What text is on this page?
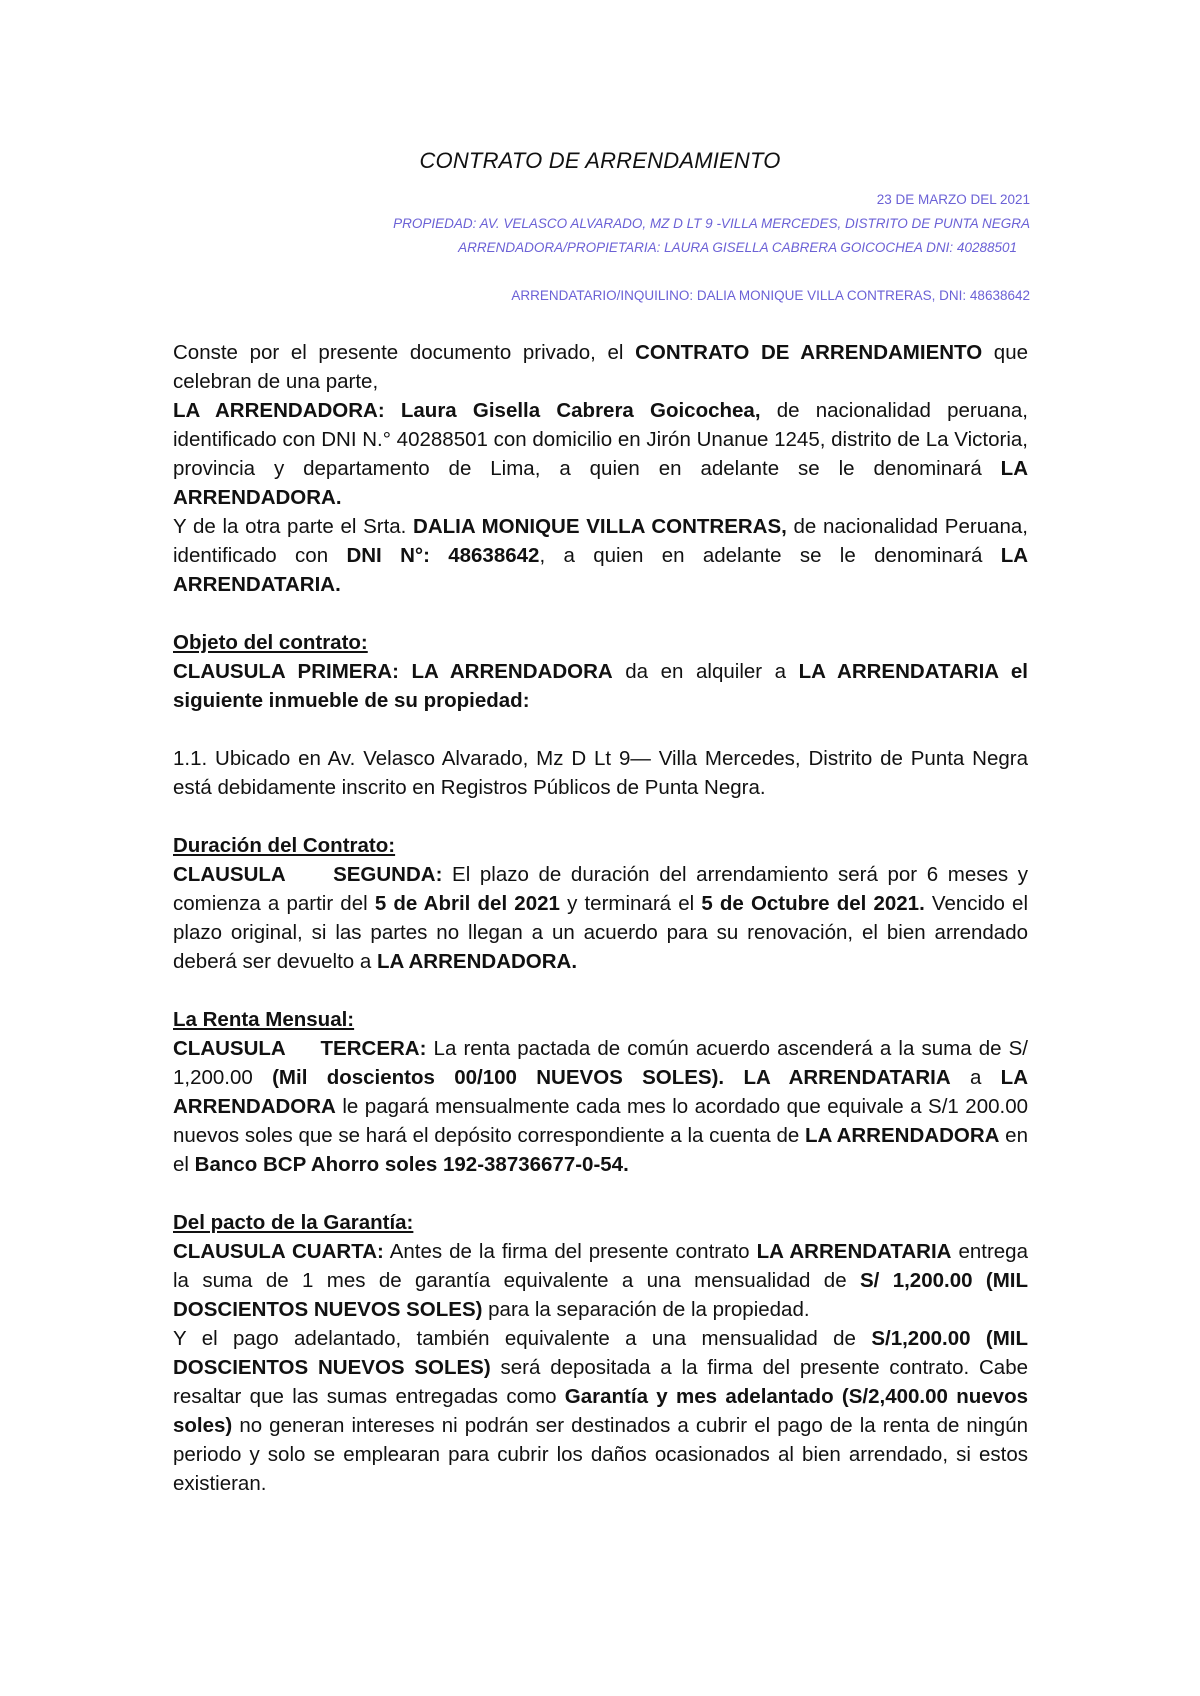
CONTRATO DE ARRENDAMIENTO
23 DE MARZO DEL 2021
PROPIEDAD: AV. VELASCO ALVARADO, MZ D LT 9 -VILLA MERCEDES, DISTRITO DE PUNTA NEGRA
ARRENDADORA/PROPIETARIA: LAURA GISELLA CABRERA GOICOCHEA DNI: 40288501
ARRENDATARIO/INQUILINO: DALIA MONIQUE VILLA CONTRERAS, DNI: 48638642

Conste por el presente documento privado, el CONTRATO DE ARRENDAMIENTO que celebran de una parte,

LA ARRENDADORA: Laura Gisella Cabrera Goicochea, de nacionalidad peruana, identificado con DNI N.° 40288501 con domicilio en Jirón Unanue 1245, distrito de La Victoria, provincia y departamento de Lima, a quien en adelante se le denominará LA ARRENDADORA.

Y de la otra parte el Srta. DALIA MONIQUE VILLA CONTRERAS, de nacionalidad Peruana, identificado con DNI N°: 48638642, a quien en adelante se le denominará LA ARRENDATARIA.

Objeto del contrato:

CLAUSULA PRIMERA: LA ARRENDADORA da en alquiler a LA ARRENDATARIA el siguiente inmueble de su propiedad:

1.1. Ubicado en Av. Velasco Alvarado, Mz D Lt 9— Villa Mercedes, Distrito de Punta Negra está debidamente inscrito en Registros Públicos de Punta Negra.

Duración del Contrato:

CLAUSULA     SEGUNDA: El plazo de duración del arrendamiento será por 6 meses y comienza a partir del 5 de Abril del 2021 y terminará el 5 de Octubre del 2021. Vencido el plazo original, si las partes no llegan a un acuerdo para su renovación, el bien arrendado deberá ser devuelto a LA ARRENDADORA.

La Renta Mensual:

CLAUSULA     TERCERA: La renta pactada de común acuerdo ascenderá a la suma de S/ 1,200.00 (Mil doscientos 00/100 NUEVOS SOLES). LA ARRENDATARIA a LA ARRENDADORA le pagará mensualmente cada mes lo acordado que equivale a S/1 200.00 nuevos soles que se hará el depósito correspondiente a la cuenta de LA ARRENDADORA en el Banco BCP Ahorro soles 192-38736677-0-54.

Del pacto de la Garantía:

CLAUSULA CUARTA: Antes de la firma del presente contrato LA ARRENDATARIA entrega la suma de 1 mes de garantía equivalente a una mensualidad de S/ 1,200.00 (MIL DOSCIENTOS NUEVOS SOLES) para la separación de la propiedad.

Y el pago adelantado, también equivalente a una mensualidad de S/1,200.00 (MIL DOSCIENTOS NUEVOS SOLES) será depositada a la firma del presente contrato. Cabe resaltar que las sumas entregadas como Garantía y mes adelantado (S/2,400.00 nuevos soles) no generan intereses ni podrán ser destinados a cubrir el pago de la renta de ningún periodo y solo se emplearan para cubrir los daños ocasionados al bien arrendado, si estos existieran.
